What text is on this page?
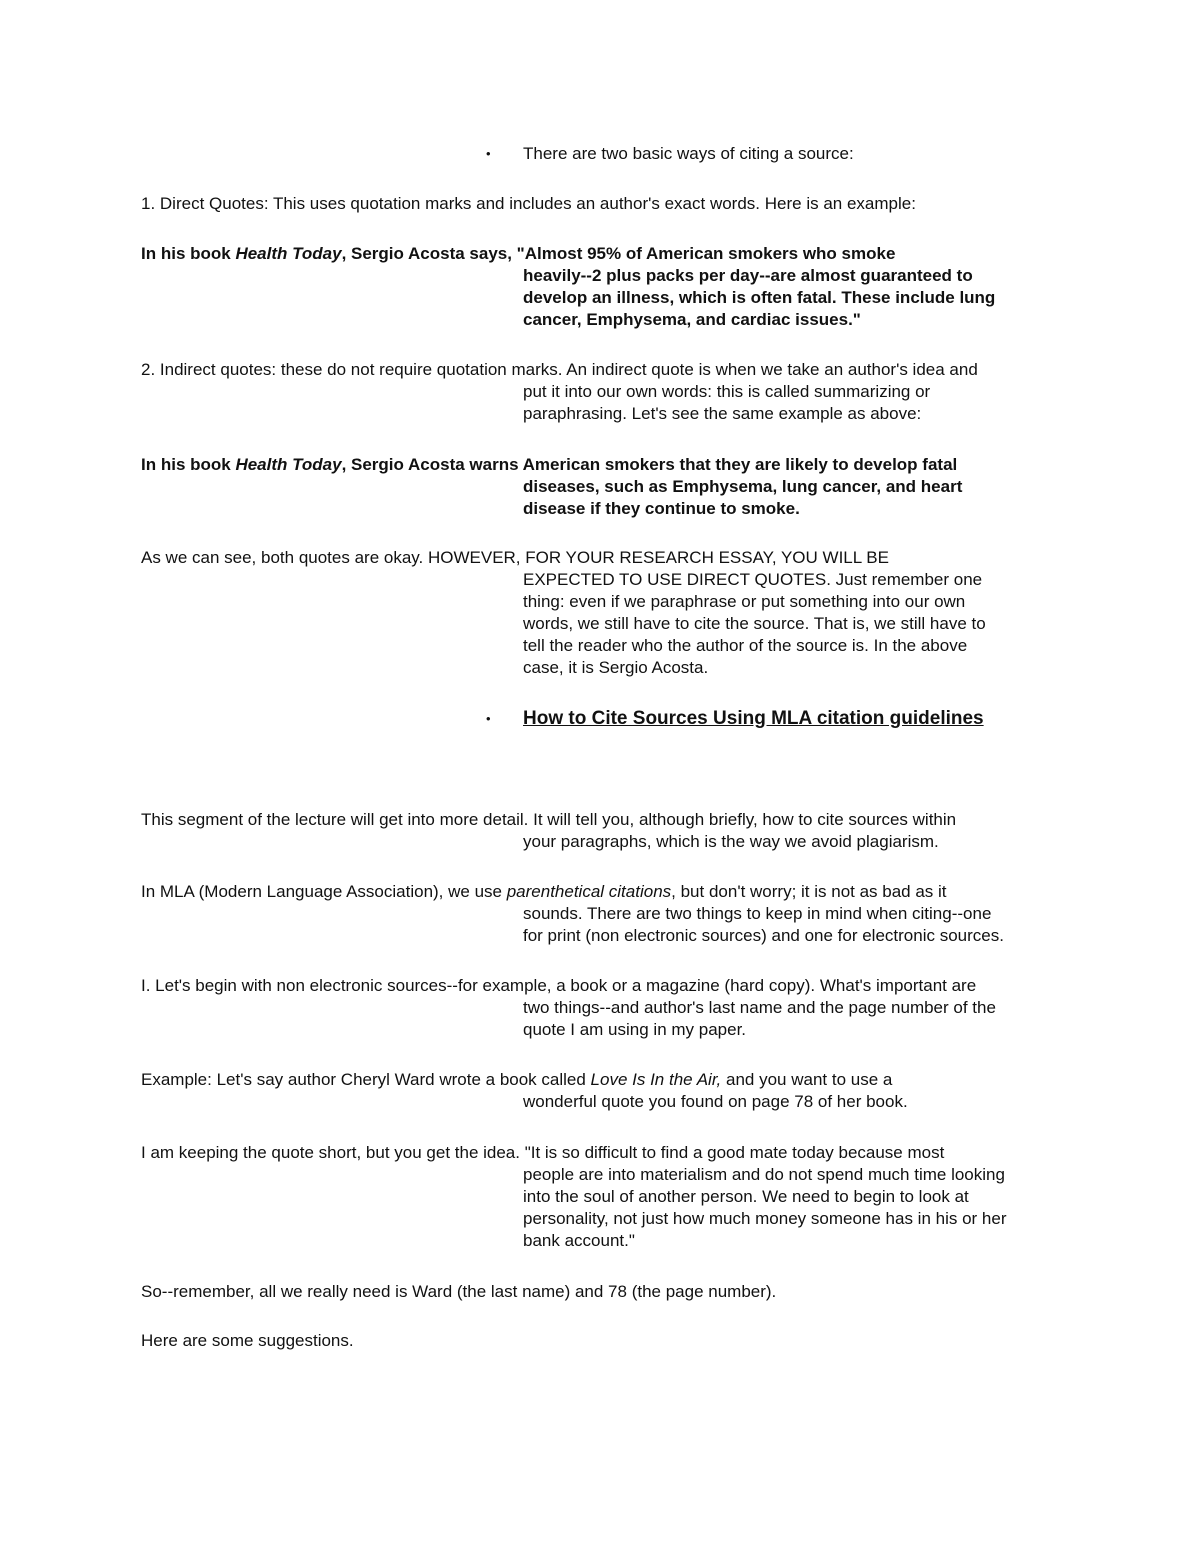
•	There are two basic ways of citing a source:
1. Direct Quotes: This uses quotation marks and includes an author's exact words. Here is an example:
In his book Health Today, Sergio Acosta says, "Almost 95% of American smokers who smoke
heavily--2 plus packs per day--are almost guaranteed to
develop an illness, which is often fatal. These include lung
cancer, Emphysema, and cardiac issues."
2. Indirect quotes: these do not require quotation marks. An indirect quote is when we take an author's idea and
put it into our own words: this is called summarizing or
paraphrasing. Let's see the same example as above:
In his book Health Today, Sergio Acosta warns American smokers that they are likely to develop fatal
diseases, such as Emphysema, lung cancer, and heart
disease if they continue to smoke.
As we can see, both quotes are okay. HOWEVER, FOR YOUR RESEARCH ESSAY, YOU WILL BE
EXPECTED TO USE DIRECT QUOTES. Just remember one
thing: even if we paraphrase or put something into our own
words, we still have to cite the source. That is, we still have to
tell the reader who the author of the source is. In the above
case, it is Sergio Acosta.
•	How to Cite Sources Using MLA citation guidelines
This segment of the lecture will get into more detail. It will tell you, although briefly, how to cite sources within
your paragraphs, which is the way we avoid plagiarism.
In MLA (Modern Language Association), we use parenthetical citations, but don't worry; it is not as bad as it
sounds. There are two things to keep in mind when citing--one
for print (non electronic sources) and one for electronic sources.
I. Let's begin with non electronic sources--for example, a book or a magazine (hard copy). What's important are
two things--and author's last name and the page number of the
quote I am using in my paper.
Example: Let's say author Cheryl Ward wrote a book called Love Is In the Air, and you want to use a
wonderful quote you found on page 78 of her book.
I am keeping the quote short, but you get the idea. "It is so difficult to find a good mate today because most
people are into materialism and do not spend much time looking
into the soul of another person. We need to begin to look at
personality, not just how much money someone has in his or her
bank account."
So--remember, all we really need is Ward (the last name) and 78 (the page number).
Here are some suggestions.
